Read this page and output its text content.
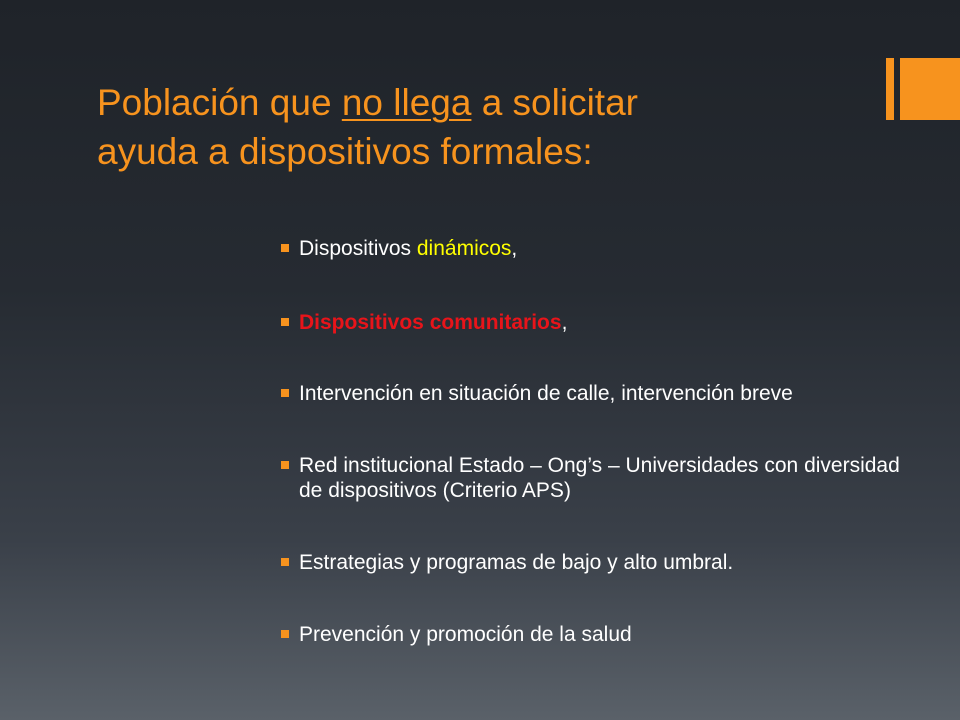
Población que no llega a solicitar
ayuda a dispositivos formales:
Dispositivos dinámicos,
Dispositivos comunitarios,
Intervención en situación de calle, intervención breve
Red institucional Estado – Ong’s – Universidades con diversidad de dispositivos (Criterio APS)
Estrategias y programas de bajo y alto umbral.
Prevención y promoción de la salud
